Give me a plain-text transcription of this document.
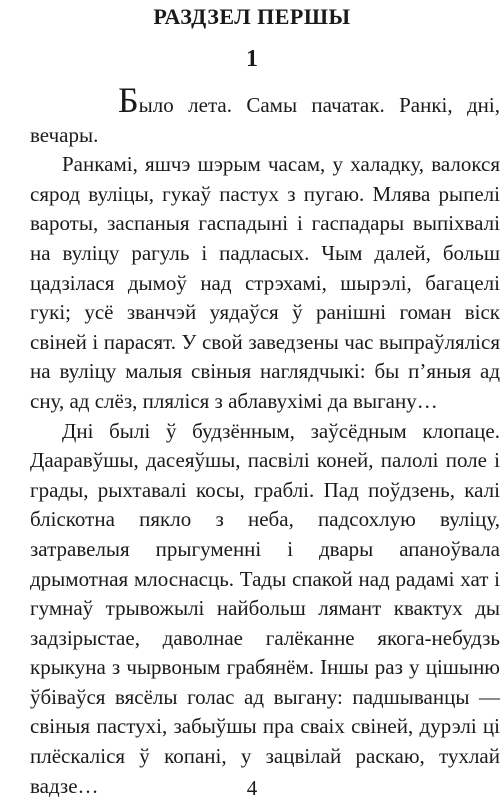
РАЗДЗЕЛ ПЕРШЫ
1

Было лета. Самы пачатак. Ранкі, дні, вечары.

Ранкамі, яшчэ шэрым часам, у халадку, валокся сярод вуліцы, гукаў пастух з пугаю. Млява рыпелі вароты, заспаныя гаспадыні і гаспадары выпіхвалі на вуліцу рагуль і падласых. Чым далей, больш цадзілася дымоў над стрэхамі, шырэлі, багацелі гукі; усё званчэй уядаўся ў ранішні гоман віск свіней і парасят. У свой заведзены час выпраўляліся на вуліцу малыя свіныя наглядчыкі: бы п’яныя ад сну, ад слёз, пляліся з аблавухімі да выгану…

Дні былі ў будзённым, заўсёдным клопаце. Дааравўшы, дасеяўшы, пасвілі коней, палолі поле і грады, рыхтавалі косы, граблі. Пад поўдзень, калі бліскотна пякло з неба, падсохлую вуліцу, затравелыя прыгуменні і двары апаноўвала дрымотная млоснасць. Тады спакой над радамі хат і гумнаў трывожылі найбольш лямант квактух ды задзірыстае, даволнае галёканне якога-небудзь крыкуна з чырвоным грабянём. Іншы раз у цішыню ўбіваўся вясёлы голас ад выгану: падшыванцы — свіныя пастухі, забыўшы пра сваіх свіней, дурэлі ці плёскаліся ў копані, у зацвілай раскаю, тухлай вадзе…	4
